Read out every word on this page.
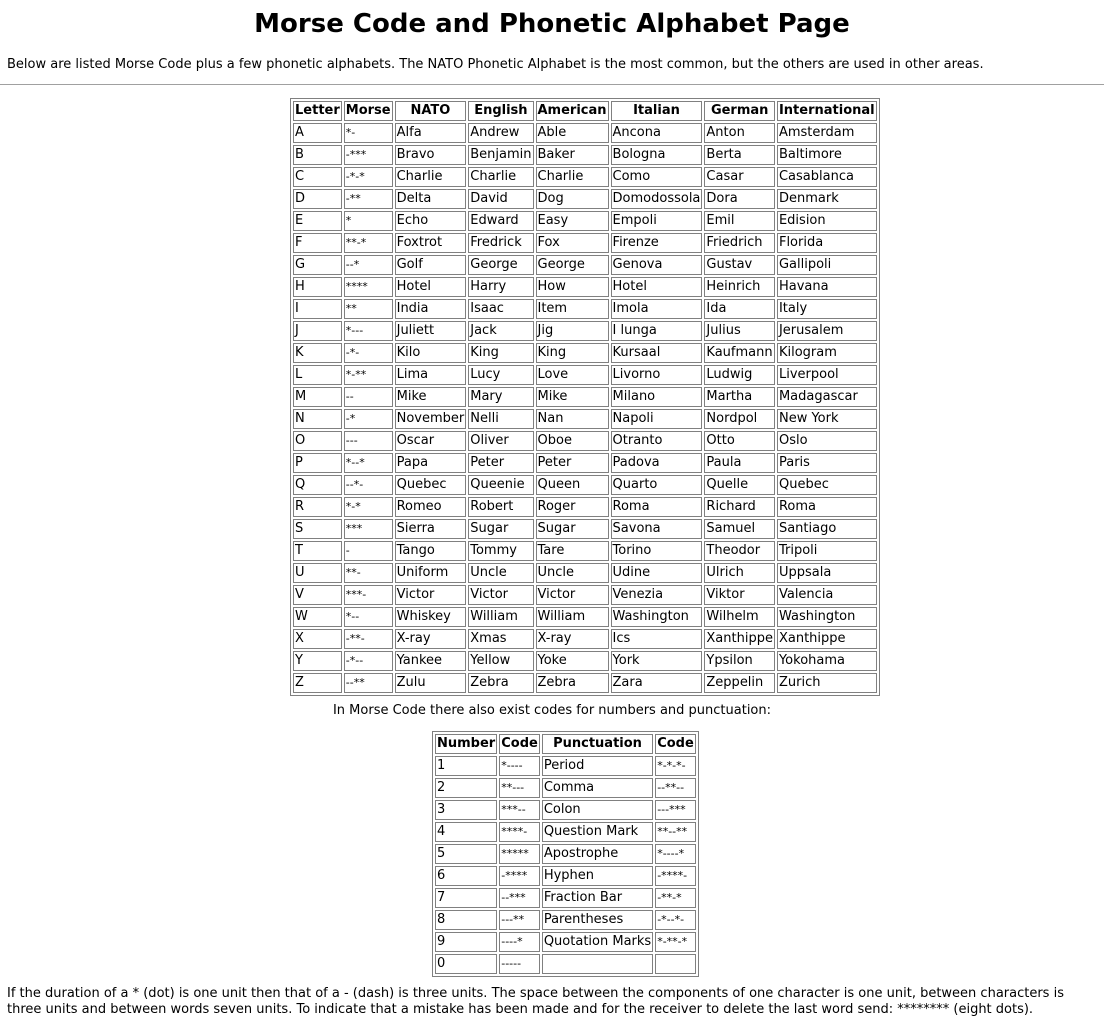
Morse Code and Phonetic Alphabet Page
Below are listed Morse Code plus a few phonetic alphabets. The NATO Phonetic Alphabet is the most common, but the others are used in other areas.
Letter	Morse	NATO	English	American	Italian	German	International
A	*-	Alfa	Andrew	Able	Ancona	Anton	Amsterdam
B	-***	Bravo	Benjamin	Baker	Bologna	Berta	Baltimore
C	-*-*	Charlie	Charlie	Charlie	Como	Casar	Casablanca
D	-**	Delta	David	Dog	Domodossola	Dora	Denmark
E	*	Echo	Edward	Easy	Empoli	Emil	Edision
F	**-*	Foxtrot	Fredrick	Fox	Firenze	Friedrich	Florida
G	--*	Golf	George	George	Genova	Gustav	Gallipoli
H	****	Hotel	Harry	How	Hotel	Heinrich	Havana
I	**	India	Isaac	Item	Imola	Ida	Italy
J	*---	Juliett	Jack	Jig	I lunga	Julius	Jerusalem
K	-*-	Kilo	King	King	Kursaal	Kaufmann	Kilogram
L	*-**	Lima	Lucy	Love	Livorno	Ludwig	Liverpool
M	--	Mike	Mary	Mike	Milano	Martha	Madagascar
N	-*	November	Nelli	Nan	Napoli	Nordpol	New York
O	---	Oscar	Oliver	Oboe	Otranto	Otto	Oslo
P	*--*	Papa	Peter	Peter	Padova	Paula	Paris
Q	--*-	Quebec	Queenie	Queen	Quarto	Quelle	Quebec
R	*-*	Romeo	Robert	Roger	Roma	Richard	Roma
S	***	Sierra	Sugar	Sugar	Savona	Samuel	Santiago
T	-	Tango	Tommy	Tare	Torino	Theodor	Tripoli
U	**-	Uniform	Uncle	Uncle	Udine	Ulrich	Uppsala
V	***-	Victor	Victor	Victor	Venezia	Viktor	Valencia
W	*--	Whiskey	William	William	Washington	Wilhelm	Washington
X	-**-	X-ray	Xmas	X-ray	Ics	Xanthippe	Xanthippe
Y	-*--	Yankee	Yellow	Yoke	York	Ypsilon	Yokohama
Z	--**	Zulu	Zebra	Zebra	Zara	Zeppelin	Zurich
In Morse Code there also exist codes for numbers and punctuation:
Number	Code	Punctuation	Code
1	*----	Period	*-*-*-
2	**---	Comma	--**--
3	***--	Colon	---***
4	****-	Question Mark	**--**
5	*****	Apostrophe	*----*
6	-****	Hyphen	-****-
7	--***	Fraction Bar	-**-*
8	---**	Parentheses	-*--*-
9	----*	Quotation Marks	*-**-*
0	-----		
If the duration of a * (dot) is one unit then that of a - (dash) is three units. The space between the components of one character is one unit, between characters is three units and between words seven units. To indicate that a mistake has been made and for the receiver to delete the last word send: ******** (eight dots).
